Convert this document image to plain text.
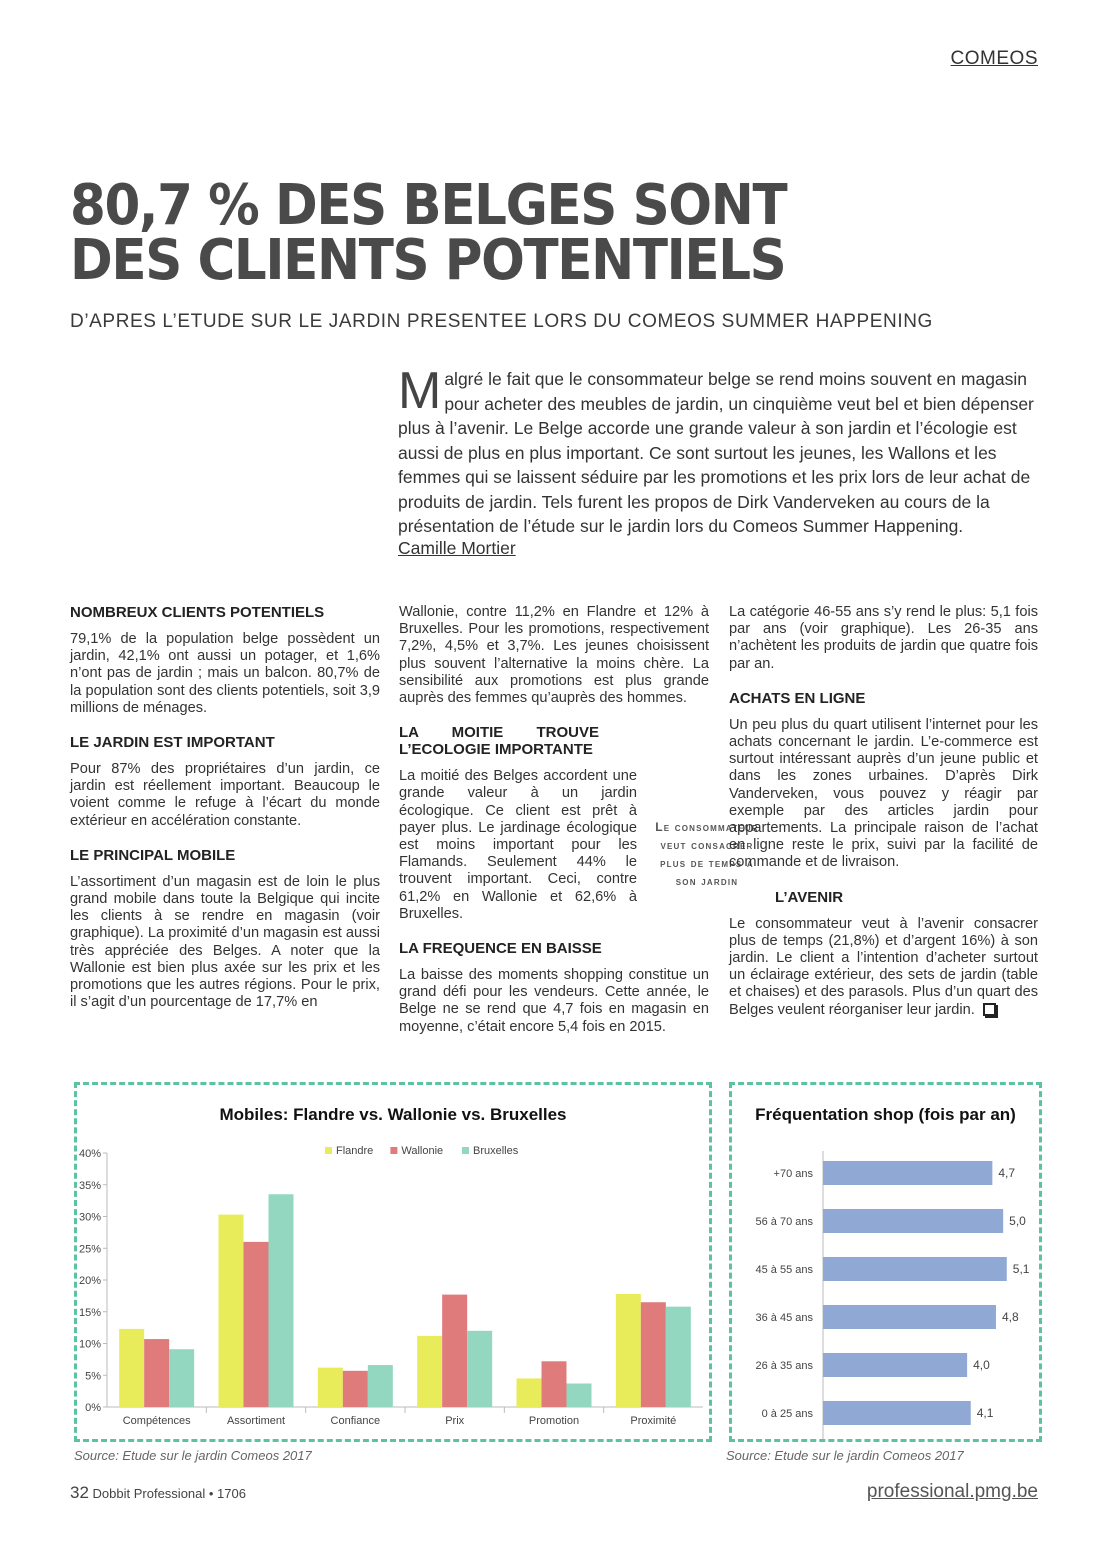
COMEOS
80,7 % DES BELGES SONT
DES CLIENTS POTENTIELS
D’APRES L’ETUDE SUR LE JARDIN PRESENTEE LORS DU COMEOS SUMMER HAPPENING
Malgré le fait que le consommateur belge se rend moins souvent en magasin pour acheter des meubles de jardin, un cinquième veut bel et bien dépenser plus à l’avenir. Le Belge accorde une grande valeur à son jardin et l’écologie est aussi de plus en plus important. Ce sont surtout les jeunes, les Wallons et les femmes qui se laissent séduire par les promotions et les prix lors de leur achat de produits de jardin. Tels furent les propos de Dirk Vanderveken au cours de la présentation de l’étude sur le jardin lors du Comeos Summer Happening.
Camille Mortier
NOMBREUX CLIENTS POTENTIELS

79,1% de la population belge possèdent un jardin, 42,1% ont aussi un potager, et 1,6% n’ont pas de jardin ; mais un balcon. 80,7% de la population sont des clients potentiels, soit 3,9 millions de ménages.

LE JARDIN EST IMPORTANT

Pour 87% des propriétaires d’un jardin, ce jardin est réellement important. Beaucoup le voient comme le refuge à l’écart du monde extérieur en accélération constante.

LE PRINCIPAL MOBILE

L’assortiment d’un magasin est de loin le plus grand mobile dans toute la Belgique qui incite les clients à se rendre en magasin (voir graphique). La proximité d’un magasin est aussi très appréciée des Belges. A noter que la Wallonie est bien plus axée sur les prix et les promotions que les autres régions. Pour le prix, il s’agit d’un pourcentage de 17,7% en

Wallonie, contre 11,2% en Flandre et 12% à Bruxelles. Pour les promotions, respectivement 7,2%, 4,5% et 3,7%. Les jeunes choisissent plus souvent l’alternative la moins chère. La sensibilité aux promotions est plus grande auprès des femmes qu’auprès des hommes.

LA MOITIE TROUVE L’ECOLOGIE IMPORTANTE

La moitié des Belges accordent une grande valeur à un jardin écologique. Ce client est prêt à payer plus. Le jardinage écologique est moins important pour les Flamands. Seulement 44% le trouvent important. Ceci, contre 61,2% en Wallonie et 62,6% à Bruxelles.

LA FREQUENCE EN BAISSE

La baisse des moments shopping constitue un grand défi pour les vendeurs. Cette année, le Belge ne se rend que 4,7 fois en magasin en moyenne, c’était encore 5,4 fois en 2015.

Le consommateur veut consacrer plus de temps a son jardin

La catégorie 46-55 ans s’y rend le plus: 5,1 fois par ans (voir graphique). Les 26-35 ans n’achètent les produits de jardin que quatre fois par an.

ACHATS EN LIGNE

Un peu plus du quart utilisent l’internet pour les achats concernant le jardin. L’e-commerce est surtout intéressant auprès d’un jeune public et dans les zones urbaines. D’après Dirk Vanderveken, vous pouvez y réagir par exemple par des articles jardin pour appartements. La principale raison de l’achat en ligne reste le prix, suivi par la facilité de commande et de livraison.

L’AVENIR

Le consommateur veut à l’avenir consacrer plus de temps (21,8%) et d’argent 16%) à son jardin. Le client a l’intention d’acheter surtout un éclairage extérieur, des sets de jardin (table et chaises) et des parasols. Plus d’un quart des Belges veulent réorganiser leur jardin.

Mobiles: Flandre vs. Wallonie vs. Bruxelles
0%
5%
10%
15%
20%
25%
30%
35%
40%
Compétences	Assortiment	Confiance	Prix	Promotion	Proximité
Flandre	Wallonie	Bruxelles
Source: Etude sur le jardin Comeos 2017
Fréquentation shop (fois par an)
+70 ans	4,7
56 à 70 ans	5,0
45 à 55 ans	5,1
36 à 45 ans	4,8
26 à 35 ans	4,0
0 à 25 ans	4,1
Source: Etude sur le jardin Comeos 2017
32 Dobbit Professional • 1706	professional.pmg.be
